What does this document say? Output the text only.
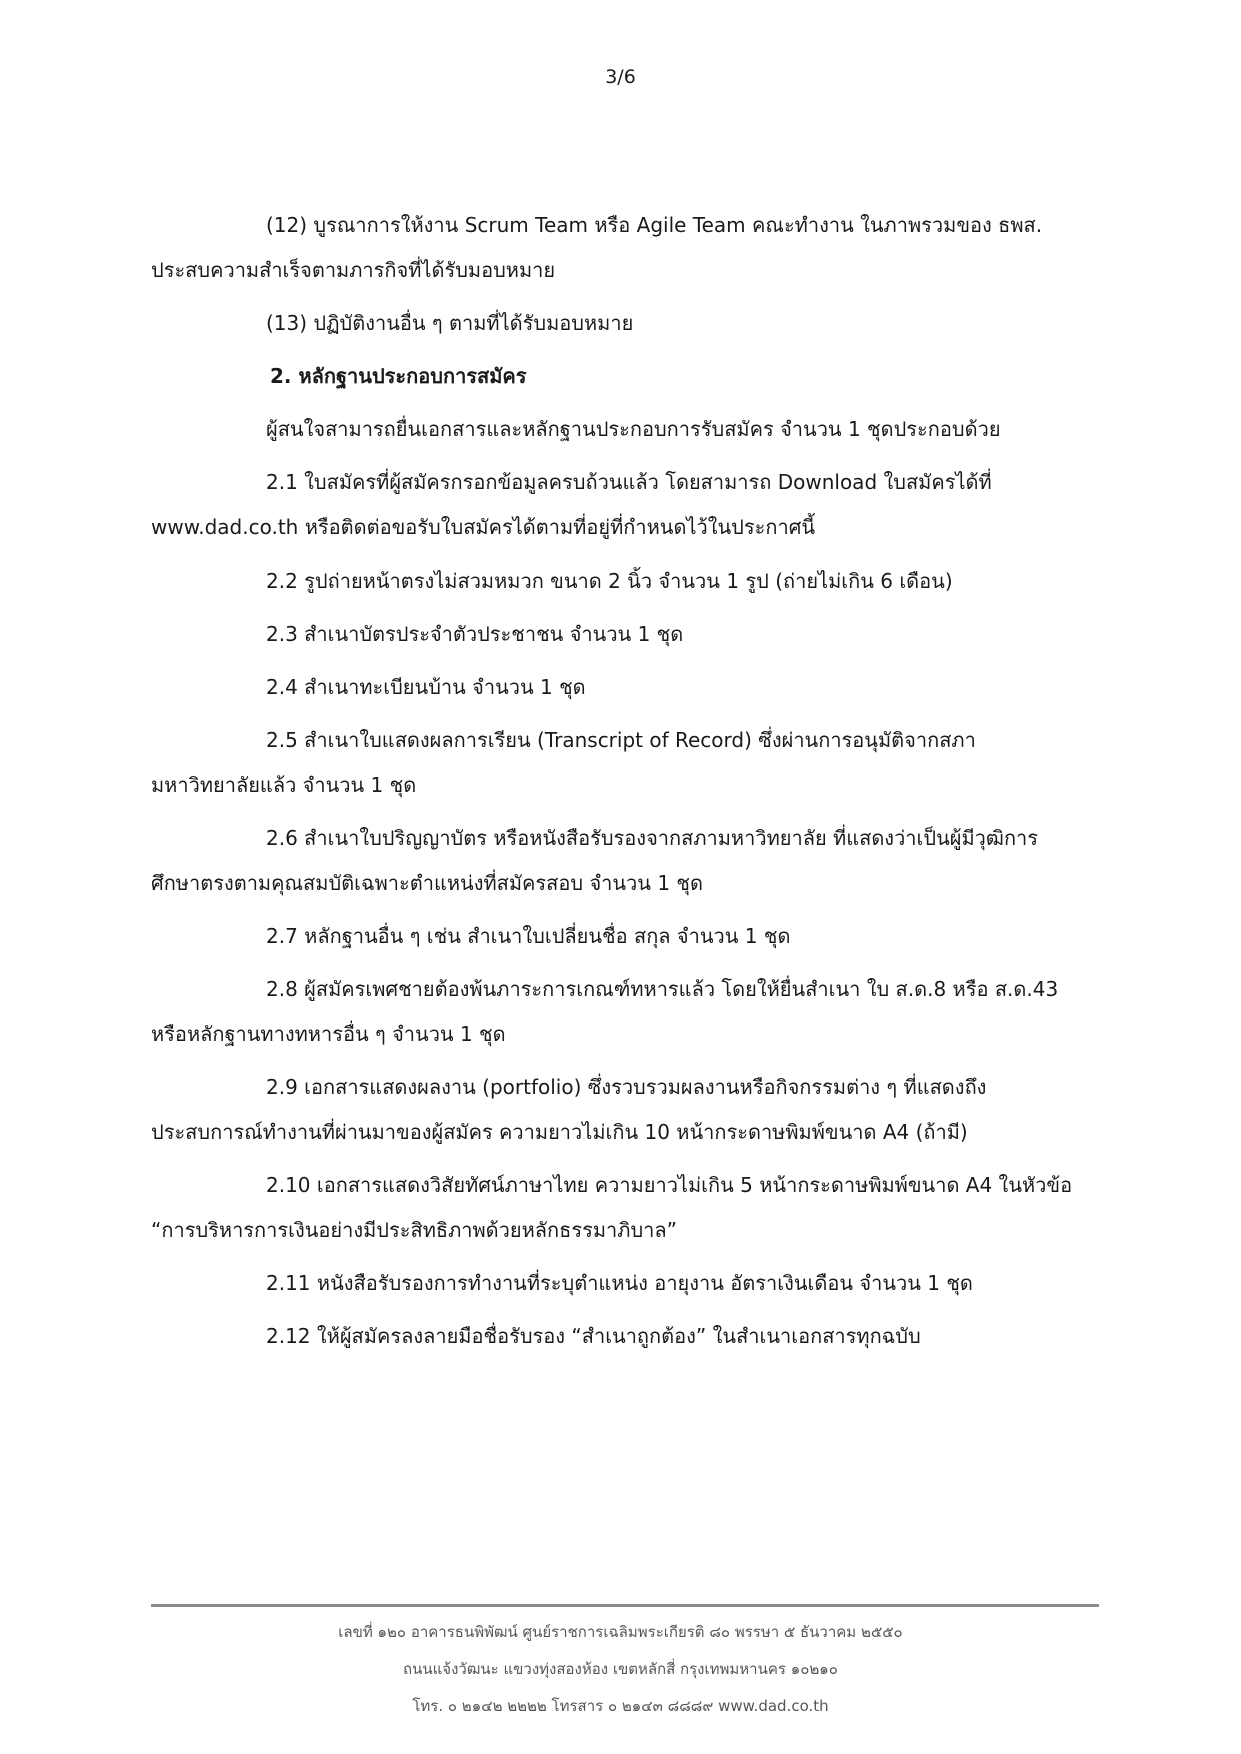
3/6
(12) บูรณาการให้งาน Scrum Team หรือ Agile Team คณะทำงาน ในภาพรวมของ ธพส.
ประสบความสำเร็จตามภารกิจที่ได้รับมอบหมาย
(13) ปฏิบัติงานอื่น ๆ ตามที่ได้รับมอบหมาย
2. หลักฐานประกอบการสมัคร
ผู้สนใจสามารถยื่นเอกสารและหลักฐานประกอบการรับสมัคร จำนวน 1 ชุดประกอบด้วย
2.1 ใบสมัครที่ผู้สมัครกรอกข้อมูลครบถ้วนแล้ว โดยสามารถ Download ใบสมัครได้ที่
www.dad.co.th หรือติดต่อขอรับใบสมัครได้ตามที่อยู่ที่กำหนดไว้ในประกาศนี้
2.2 รูปถ่ายหน้าตรงไม่สวมหมวก ขนาด 2 นิ้ว จำนวน 1 รูป (ถ่ายไม่เกิน 6 เดือน)
2.3 สำเนาบัตรประจำตัวประชาชน จำนวน 1 ชุด
2.4 สำเนาทะเบียนบ้าน จำนวน 1 ชุด
2.5 สำเนาใบแสดงผลการเรียน (Transcript of Record) ซึ่งผ่านการอนุมัติจากสภา
มหาวิทยาลัยแล้ว จำนวน 1 ชุด
2.6 สำเนาใบปริญญาบัตร หรือหนังสือรับรองจากสภามหาวิทยาลัย ที่แสดงว่าเป็นผู้มีวุฒิการ
ศึกษาตรงตามคุณสมบัติเฉพาะตำแหน่งที่สมัครสอบ จำนวน 1 ชุด
2.7 หลักฐานอื่น ๆ เช่น สำเนาใบเปลี่ยนชื่อ สกุล จำนวน 1 ชุด
2.8 ผู้สมัครเพศชายต้องพ้นภาระการเกณฑ์ทหารแล้ว โดยให้ยื่นสำเนา ใบ ส.ด.8 หรือ ส.ด.43
หรือหลักฐานทางทหารอื่น ๆ จำนวน 1 ชุด
2.9 เอกสารแสดงผลงาน (portfolio) ซึ่งรวบรวมผลงานหรือกิจกรรมต่าง ๆ ที่แสดงถึง
ประสบการณ์ทำงานที่ผ่านมาของผู้สมัคร ความยาวไม่เกิน 10 หน้ากระดาษพิมพ์ขนาด A4 (ถ้ามี)
2.10 เอกสารแสดงวิสัยทัศน์ภาษาไทย ความยาวไม่เกิน 5 หน้ากระดาษพิมพ์ขนาด A4 ในหัวข้อ
“การบริหารการเงินอย่างมีประสิทธิภาพด้วยหลักธรรมาภิบาล”
2.11 หนังสือรับรองการทำงานที่ระบุตำแหน่ง อายุงาน อัตราเงินเดือน จำนวน 1 ชุด
2.12 ให้ผู้สมัครลงลายมือชื่อรับรอง “สำเนาถูกต้อง” ในสำเนาเอกสารทุกฉบับ
เลขที่ ๑๒๐ อาคารธนพิพัฒน์ ศูนย์ราชการเฉลิมพระเกียรติ ๘๐ พรรษา ๕ ธันวาคม ๒๕๕๐
ถนนแจ้งวัฒนะ แขวงทุ่งสองห้อง เขตหลักสี่ กรุงเทพมหานคร ๑๐๒๑๐
โทร. ๐ ๒๑๔๒ ๒๒๒๒ โทรสาร ๐ ๒๑๔๓ ๘๘๘๙ www.dad.co.th
